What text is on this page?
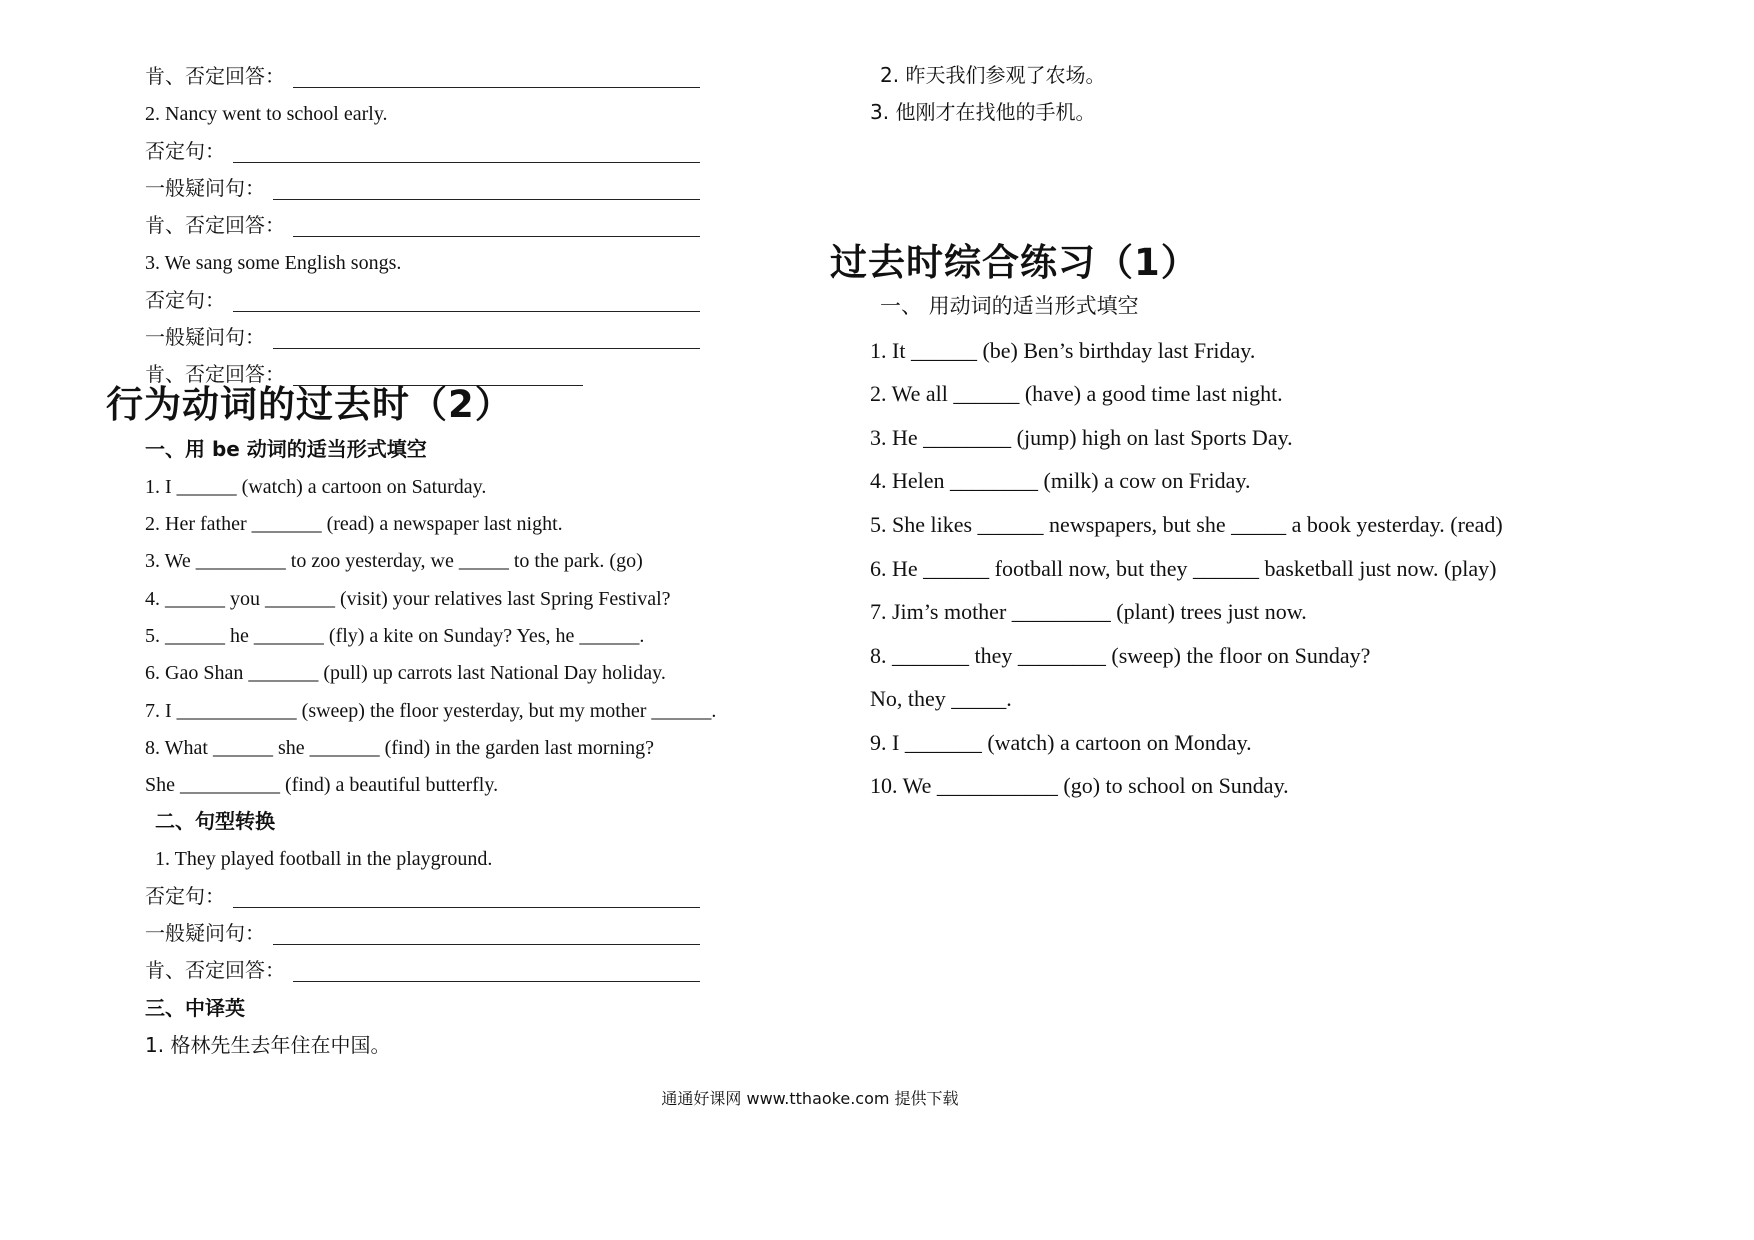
肯、否定回答：
2. Nancy went to school early.
否定句：
一般疑问句：
肯、否定回答：
3. We sang some English songs.
否定句：
一般疑问句：
肯、否定回答：
行为动词的过去时（2）
一、用 be 动词的适当形式填空
1. I ______ (watch) a cartoon on Saturday.
2. Her father _______ (read) a newspaper last night.
3. We _________ to zoo yesterday, we _____ to the park. (go)
4. ______ you _______ (visit) your relatives last Spring Festival?
5. ______ he _______ (fly) a kite on Sunday? Yes, he ______.
6. Gao Shan _______ (pull) up carrots last National Day holiday.
7. I ____________ (sweep) the floor yesterday, but my mother ______.
8. What ______ she _______ (find) in the garden last morning?
She __________ (find) a beautiful butterfly.
二、句型转换
1. They played football in the playground.
否定句：
一般疑问句：
肯、否定回答：
三、中译英
1. 格林先生去年住在中国。
2. 昨天我们参观了农场。
3. 他刚才在找他的手机。
过去时综合练习（1）
一、 用动词的适当形式填空
1. It ______ (be) Ben’s birthday last Friday.
2. We all ______ (have) a good time last night.
3. He ________ (jump) high on last Sports Day.
4. Helen ________ (milk) a cow on Friday.
5. She likes ______ newspapers, but she _____ a book yesterday. (read)
6. He ______ football now, but they ______ basketball just now. (play)
7. Jim’s mother _________ (plant) trees just now.
8. _______ they ________ (sweep) the floor on Sunday?
No, they _____.
9. I _______ (watch) a cartoon on Monday.
10. We ___________ (go) to school on Sunday.
通通好课网 www.tthaoke.com 提供下载
